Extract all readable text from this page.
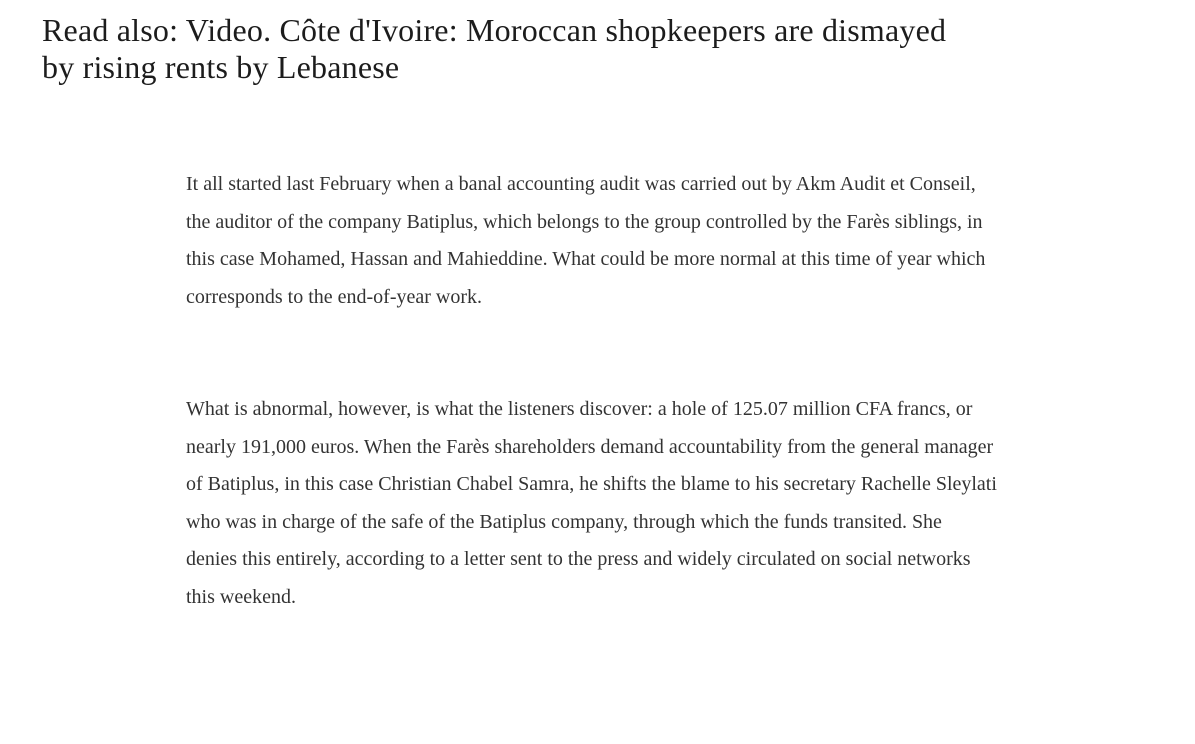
Read also: Video. Côte d'Ivoire: Moroccan shopkeepers are dismayed by rising rents by Lebanese

It all started last February when a banal accounting audit was carried out by Akm Audit et Conseil, the auditor of the company Batiplus, which belongs to the group controlled by the Farès siblings, in this case Mohamed, Hassan and Mahieddine. What could be more normal at this time of year which corresponds to the end-of-year work.

What is abnormal, however, is what the listeners discover: a hole of 125.07 million CFA francs, or nearly 191,000 euros. When the Farès shareholders demand accountability from the general manager of Batiplus, in this case Christian Chabel Samra, he shifts the blame to his secretary Rachelle Sleylati who was in charge of the safe of the Batiplus company, through which the funds transited. She denies this entirely, according to a letter sent to the press and widely circulated on social networks this weekend.
